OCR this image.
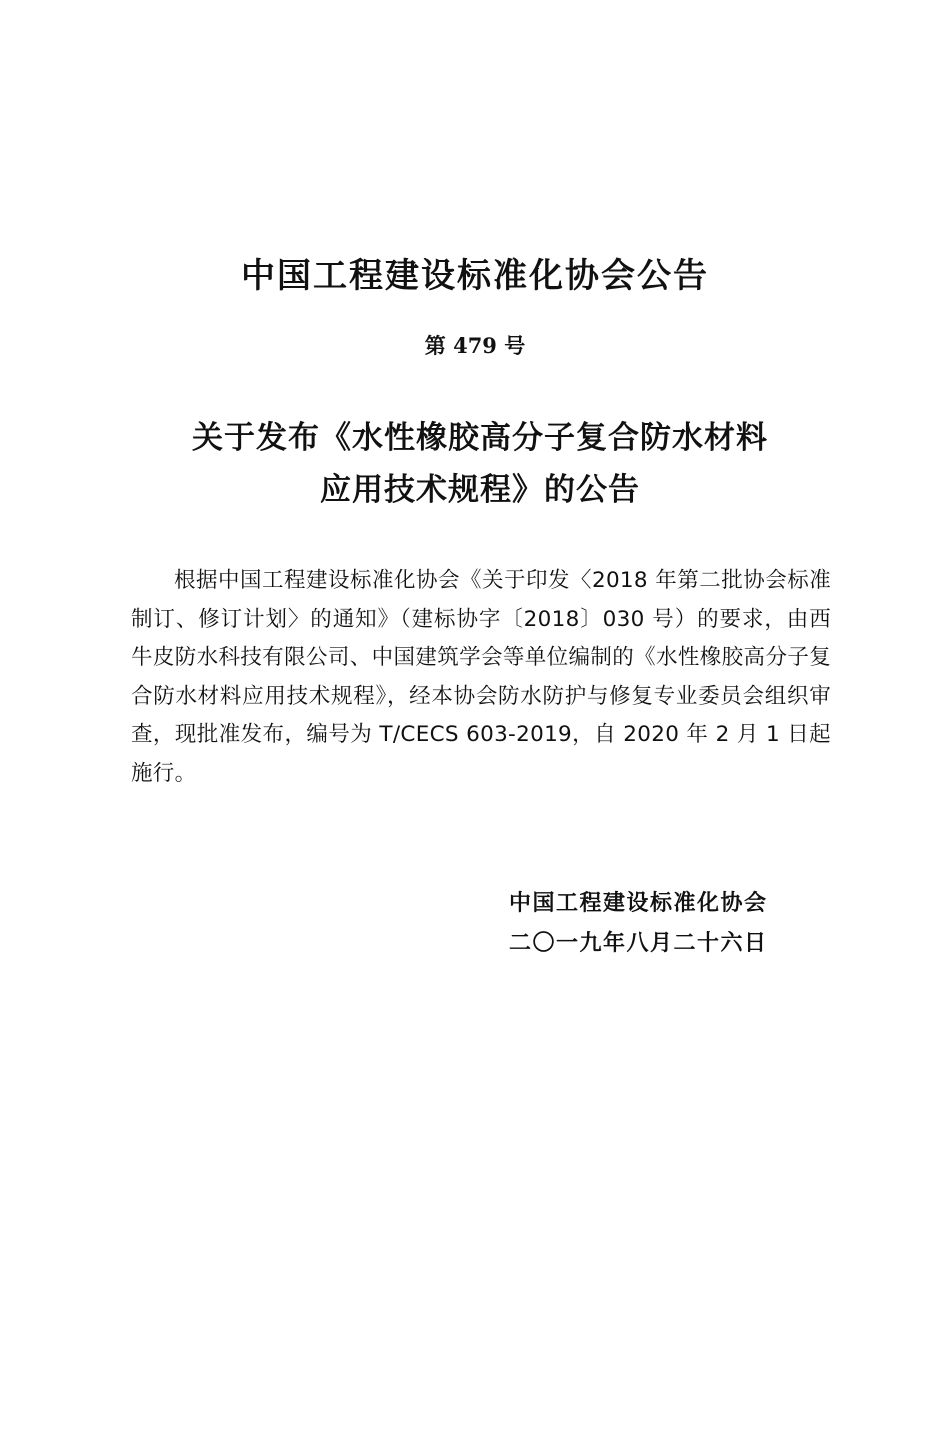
中国工程建设标准化协会公告

第 479 号

关于发布《水性橡胶高分子复合防水材料
应用技术规程》的公告

根据中国工程建设标准化协会《关于印发〈2018 年第二批协会标准制订、修订计划〉的通知》（建标协字〔2018〕030 号）的要求，由西牛皮防水科技有限公司、中国建筑学会等单位编制的《水性橡胶高分子复合防水材料应用技术规程》，经本协会防水防护与修复专业委员会组织审查，现批准发布，编号为 T/CECS 603-2019，自 2020 年 2 月 1 日起施行。

中国工程建设标准化协会
二〇一九年八月二十六日
